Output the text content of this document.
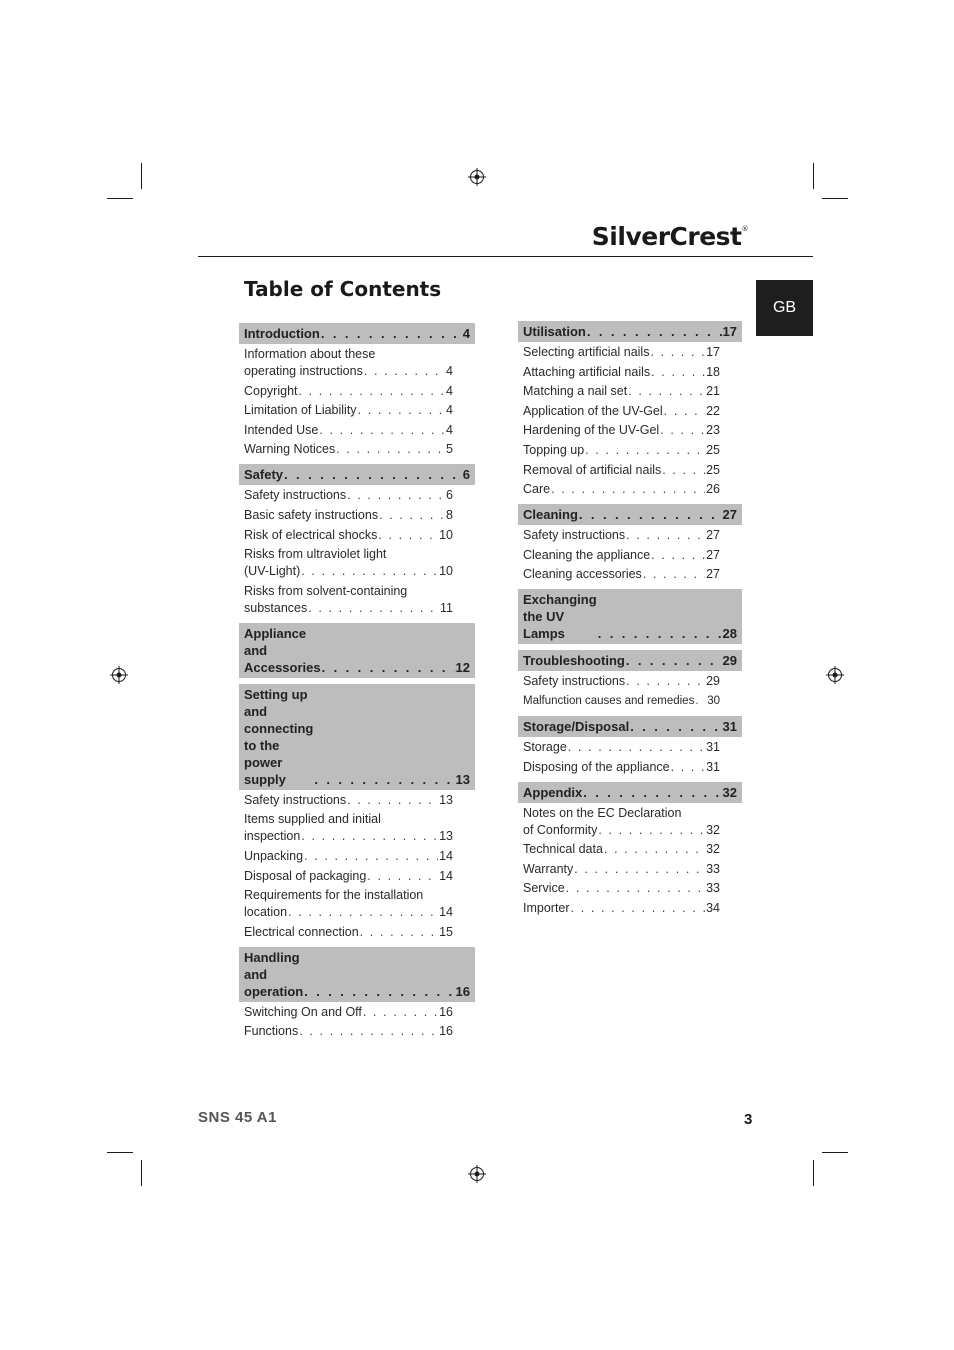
SilverCrest®
GB
Table of Contents
Introduction . . .	4
Information about these
operating instructions . . .	4
Copyright . . .	4
Limitation of Liability . . .	4
Intended Use . . .	4
Warning Notices . . .	5
Safety . . .	6
Safety instructions . . .	6
Basic safety instructions . . .	8
Risk of electrical shocks . . .	10
Risks from ultraviolet light
(UV-Light) . . .	10
Risks from solvent-containing
substances . . .	11
Appliance and Accessories . . .	12
Setting up and connecting
to the power supply . . .	13
Safety instructions . . .	13
Items supplied and initial
inspection . . .	13
Unpacking . . .	14
Disposal of packaging . . .	14
Requirements for the installation
location . . .	14
Electrical connection . . .	15
Handling and operation . . .	16
Switching On and Off . . .	16
Functions . . .	16
Utilisation . . .	17
Selecting artificial nails . . .	17
Attaching artificial nails . . .	18
Matching a nail set . . .	21
Application of the UV-Gel . . .	22
Hardening of the UV-Gel . . .	23
Topping up . . .	25
Removal of artificial nails . . .	25
Care . . .	26
Cleaning . . .	27
Safety instructions . . .	27
Cleaning the appliance . . .	27
Cleaning accessories . . .	27
Exchanging the UV Lamps . . .	28
Troubleshooting . . .	29
Safety instructions . . .	29
Malfunction causes and remedies . . . 30
Storage/Disposal . . .	31
Storage . . .	31
Disposing of the appliance . . .	31
Appendix . . .	32
Notes on the EC Declaration
of Conformity . . .	32
Technical data . . .	32
Warranty . . .	33
Service . . .	33
Importer . . .	34
SNS 45 A1	3
